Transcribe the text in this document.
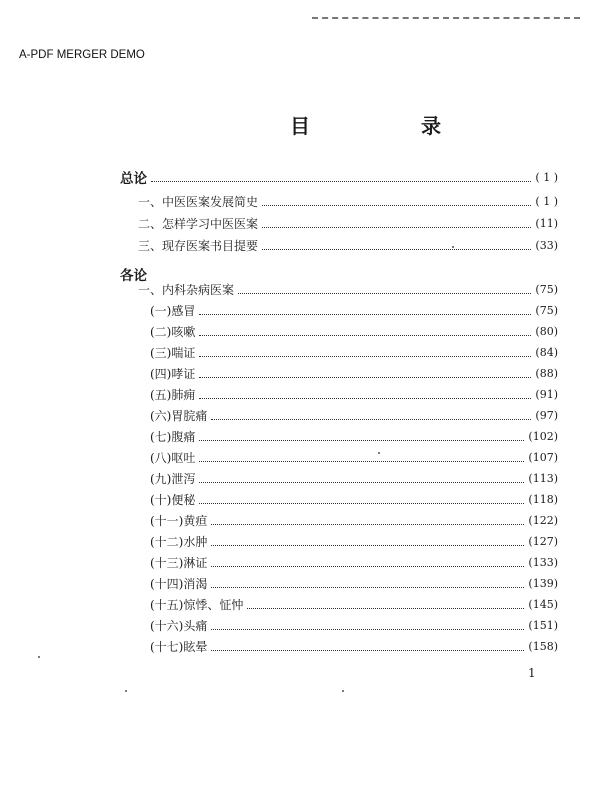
A-PDF MERGER DEMO
目 录
总论	( 1 )
一、中医医案发展简史	( 1 )
二、怎样学习中医医案	(11)
三、现存医案书目提要	(33)
各论
一、内科杂病医案	(75)
(一)感冒	(75)
(二)咳嗽	(80)
(三)喘证	(84)
(四)哮证	(88)
(五)肺痈	(91)
(六)胃脘痛	(97)
(七)腹痛	(102)
(八)呕吐	(107)
(九)泄泻	(113)
(十)便秘	(118)
(十一)黄疸	(122)
(十二)水肿	(127)
(十三)淋证	(133)
(十四)消渴	(139)
(十五)惊悸、怔忡	(145)
(十六)头痛	(151)
(十七)眩晕	(158)
1
